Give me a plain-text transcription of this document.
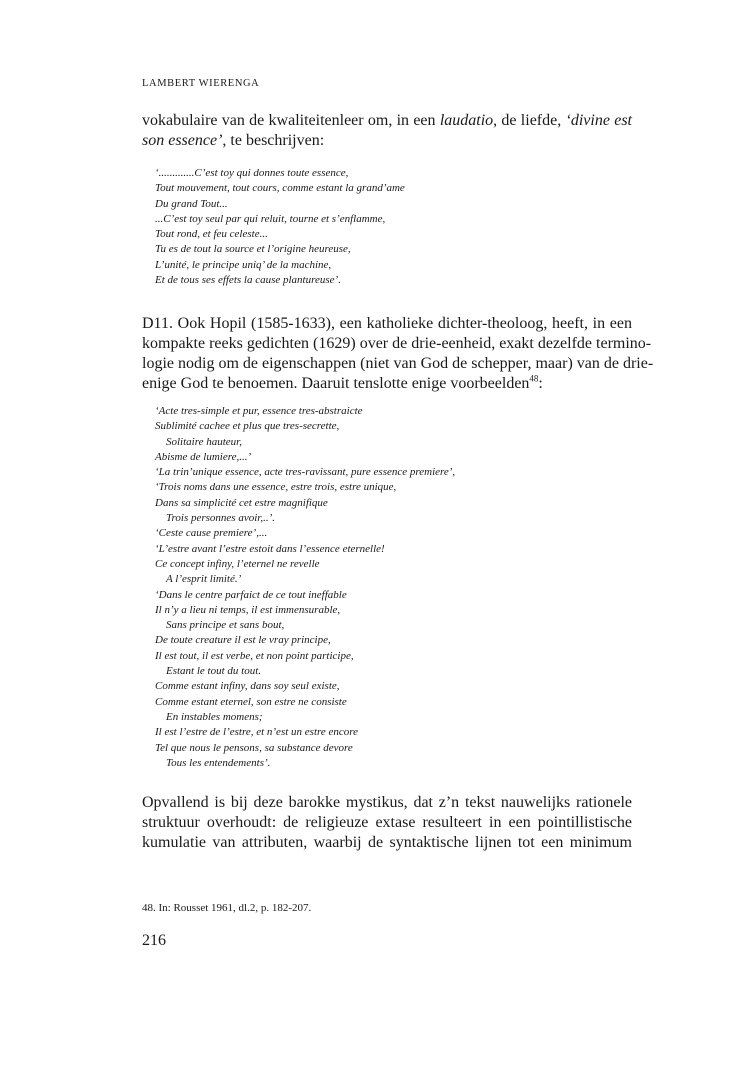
LAMBERT WIERENGA

vokabulaire van de kwaliteitenleer om, in een laudatio, de liefde, ‘divine est
son essence’, te beschrijven:

‘.............C’est toy qui donnes toute essence,
Tout mouvement, tout cours, comme estant la grand’ame
Du grand Tout...
...C’est toy seul par qui reluit, tourne et s’enflamme,
Tout rond, et feu celeste...
Tu es de tout la source et l’origine heureuse,
L’unité, le principe uniq’ de la machine,
Et de tous ses effets la cause plantureuse’.

D11. Ook Hopil (1585-1633), een katholieke dichter-theoloog, heeft, in een
kompakte reeks gedichten (1629) over de drie-eenheid, exakt dezelfde termino-
logie nodig om de eigenschappen (niet van God de schepper, maar) van de drie-
enige God te benoemen. Daaruit tenslotte enige voorbeelden$^{48}$:

‘Acte tres-simple et pur, essence tres-abstraicte
Sublimité cachee et plus que tres-secrette,
Solitaire hauteur,
Abisme de lumiere,...’
‘La trin’unique essence, acte tres-ravissant, pure essence premiere’,
‘Trois noms dans une essence, estre trois, estre unique,
Dans sa simplicité cet estre magnifique
Trois personnes avoir,..’.
‘Ceste cause premiere’,...
‘L’estre avant l’estre estoit dans l’essence eternelle!
Ce concept infiny, l’eternel ne revelle
A l’esprit limité.’
‘Dans le centre parfaict de ce tout ineffable
Il n’y a lieu ni temps, il est immensurable,
Sans principe et sans bout,
De toute creature il est le vray principe,
Il est tout, il est verbe, et non point participe,
Estant le tout du tout.
Comme estant infiny, dans soy seul existe,
Comme estant eternel, son estre ne consiste
En instables momens;
Il est l’estre de l’estre, et n’est un estre encore
Tel que nous le pensons, sa substance devore
Tous les entendements’.

Opvallend is bij deze barokke mystikus, dat z’n tekst nauwelijks rationele
struktuur overhoudt: de religieuze extase resulteert in een pointillistische
kumulatie van attributen, waarbij de syntaktische lijnen tot een minimum

48. In: Rousset 1961, dl.2, p. 182-207.
216
